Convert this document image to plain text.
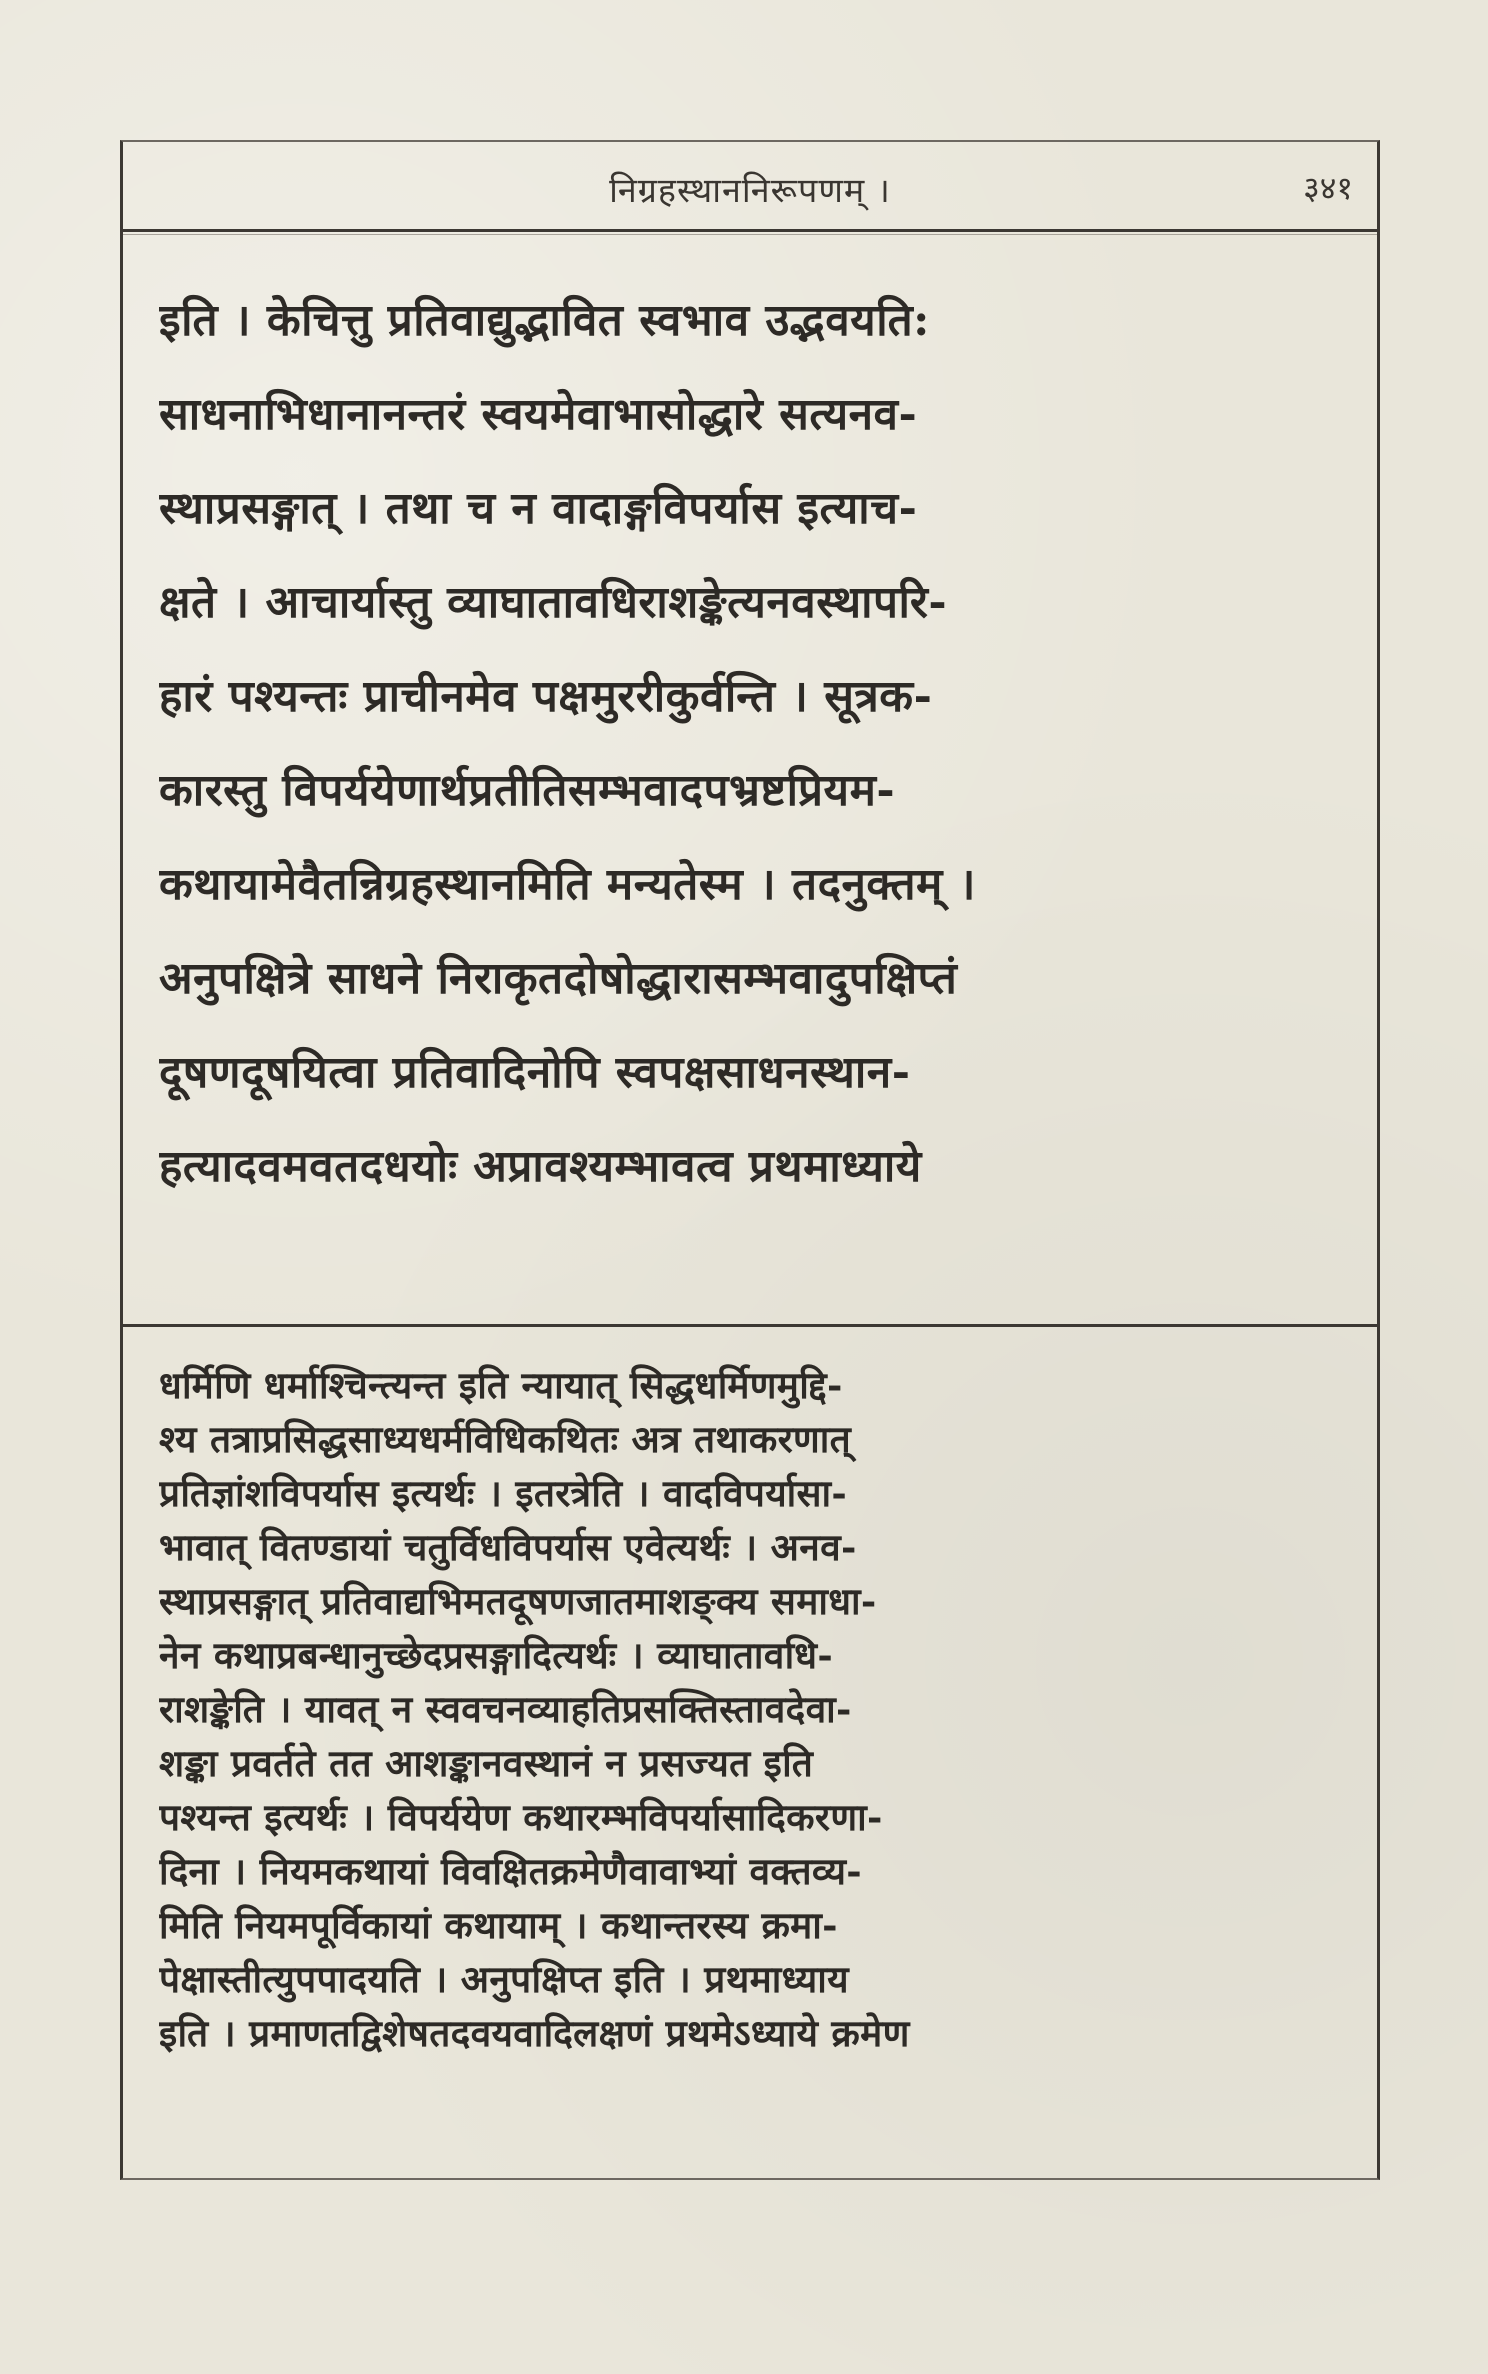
निग्रहस्थाननिरूपणम् ।	३४१
इति । केचित्तु प्रतिवाद्युद्भावित स्वभाव उद्भवयति:
साधनाभिधानानन्तरं स्वयमेवाभासोद्धारे सत्यनव-
स्थाप्रसङ्गात् । तथा च न वादाङ्गविपर्यास इत्याच-
क्षते । आचार्यास्तु व्याघातावधिराशङ्केत्यनवस्थापरि-
हारं पश्यन्तः प्राचीनमेव पक्षमुररीकुर्वन्ति । सूत्रक-
कारस्तु विपर्ययेणार्थप्रतीतिसम्भवादपभ्रष्टप्रियम-
कथायामेवैतन्निग्रहस्थानमिति मन्यतेस्म । तदनुक्तम् ।
अनुपक्षित्रे साधने निराकृतदोषोद्धारासम्भवादुपक्षिप्तं
दूषणदूषयित्वा प्रतिवादिनोपि स्वपक्षसाधनस्थान-
हत्यादवमवतदधयोः अप्रावश्यम्भावत्व प्रथमाध्याये
धर्मिणि धर्माश्चिन्त्यन्त इति न्यायात् सिद्धधर्मिणमुद्दि-
श्य तत्राप्रसिद्धसाध्यधर्मविधिकथितः अत्र तथाकरणात्
प्रतिज्ञांशविपर्यास इत्यर्थः । इतरत्रेति । वादविपर्यासा-
भावात् वितण्डायां चतुर्विधविपर्यास एवेत्यर्थः । अनव-
स्थाप्रसङ्गात् प्रतिवाद्यभिमतदूषणजातमाशङ्क्य समाधा-
नेन कथाप्रबन्धानुच्छेदप्रसङ्गादित्यर्थः । व्याघातावधि-
राशङ्केति । यावत् न स्ववचनव्याहतिप्रसक्तिस्तावदेवा-
शङ्का प्रवर्तते तत आशङ्कानवस्थानं न प्रसज्यत इति
पश्यन्त इत्यर्थः । विपर्ययेण कथारम्भविपर्यासादिकरणा-
दिना । नियमकथायां विवक्षितक्रमेणैवावाभ्यां वक्तव्य-
मिति नियमपूर्विकायां कथायाम् । कथान्तरस्य क्रमा-
पेक्षास्तीत्युपपादयति । अनुपक्षिप्त इति । प्रथमाध्याय
इति । प्रमाणतद्विशेषतदवयवादिलक्षणं प्रथमेऽध्याये क्रमेण
